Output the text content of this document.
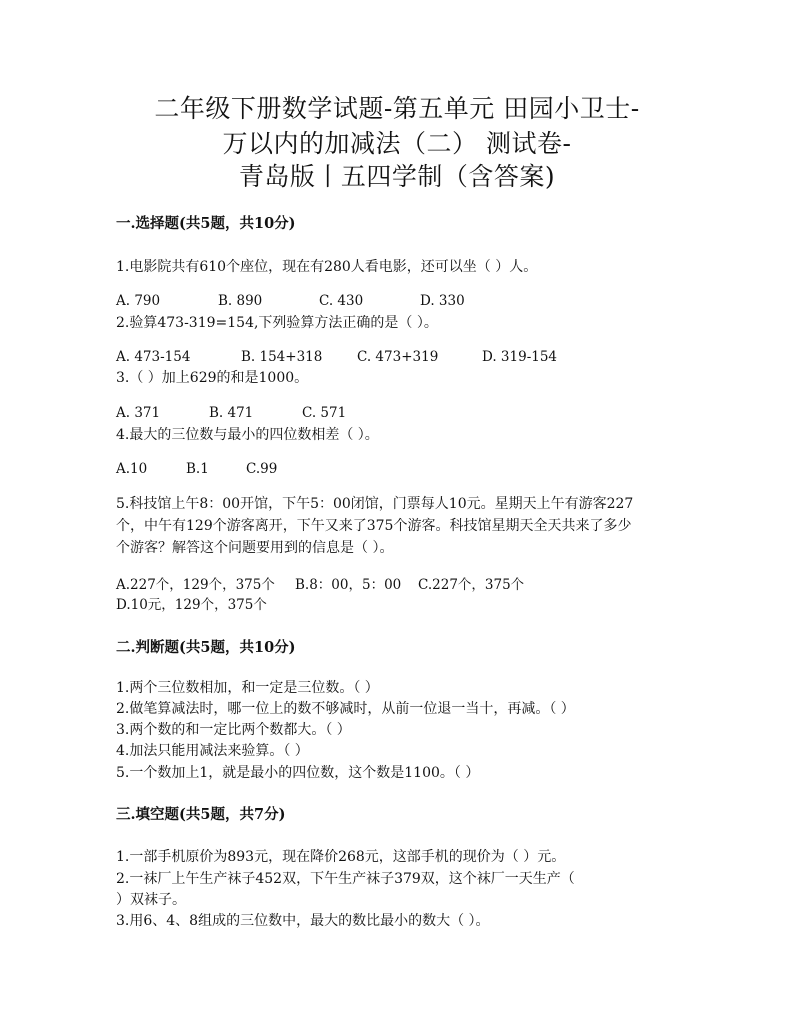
二年级下册数学试题-第五单元 田园小卫士-
万以内的加减法（二） 测试卷-
青岛版丨五四学制（含答案)
一.选择题(共5题，共10分)
1.电影院共有610个座位，现在有280人看电影，还可以坐（ ）人。
A. 790	B. 890	C. 430	D. 330
2.验算473-319=154,下列验算方法正确的是（ ）。
A. 473-154	B. 154+318	C. 473+319	D. 319-154
3.（ ）加上629的和是1000。
A. 371	B. 471	C. 571
4.最大的三位数与最小的四位数相差（ ）。
A.10	B.1	C.99
5.科技馆上午8：00开馆，下午5：00闭馆，门票每人10元。星期天上午有游客227
个，中午有129个游客离开，下午又来了375个游客。科技馆星期天全天共来了多少
个游客？解答这个问题要用到的信息是（ ）。
A.227个，129个，375个 B.8：00，5：00 C.227个，375个
D.10元，129个，375个
二.判断题(共5题，共10分)
1.两个三位数相加，和一定是三位数。（ ）
2.做笔算减法时，哪一位上的数不够减时，从前一位退一当十，再减。（ ）
3.两个数的和一定比两个数都大。（ ）
4.加法只能用减法来验算。（ ）
5.一个数加上1，就是最小的四位数，这个数是1100。（ ）
三.填空题(共5题，共7分)
1.一部手机原价为893元，现在降价268元，这部手机的现价为（ ）元。
2.一袜厂上午生产袜子452双，下午生产袜子379双，这个袜厂一天生产（
）双袜子。
3.用6、4、8组成的三位数中，最大的数比最小的数大（ ）。
